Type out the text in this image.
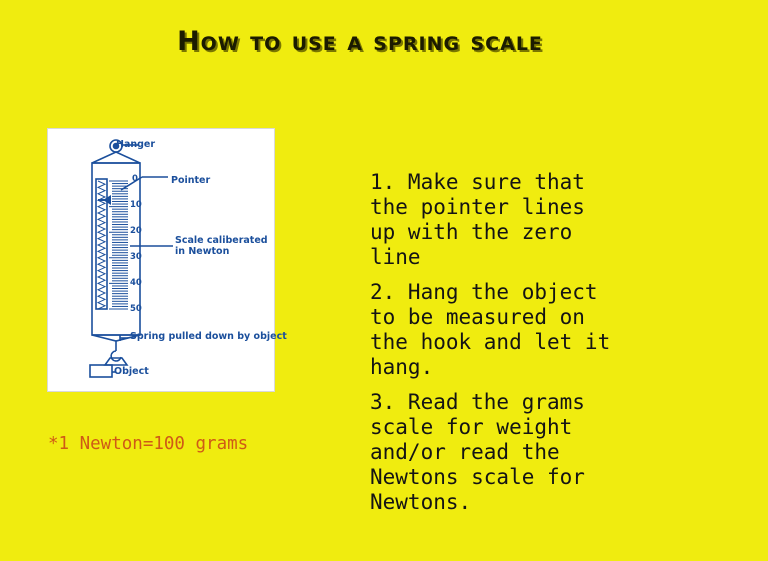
How to use a spring scale
Hanger
Pointer
Scale caliberated
in Newton
Spring pulled down by object
Object
0
10
20
30
40
50
1. Make sure that
the pointer lines
up with the zero
line
2. Hang the object
to be measured on
the hook and let it
hang.
3. Read the grams
scale for weight
and/or read the
Newtons scale for
Newtons.
*1 Newton=100 grams
